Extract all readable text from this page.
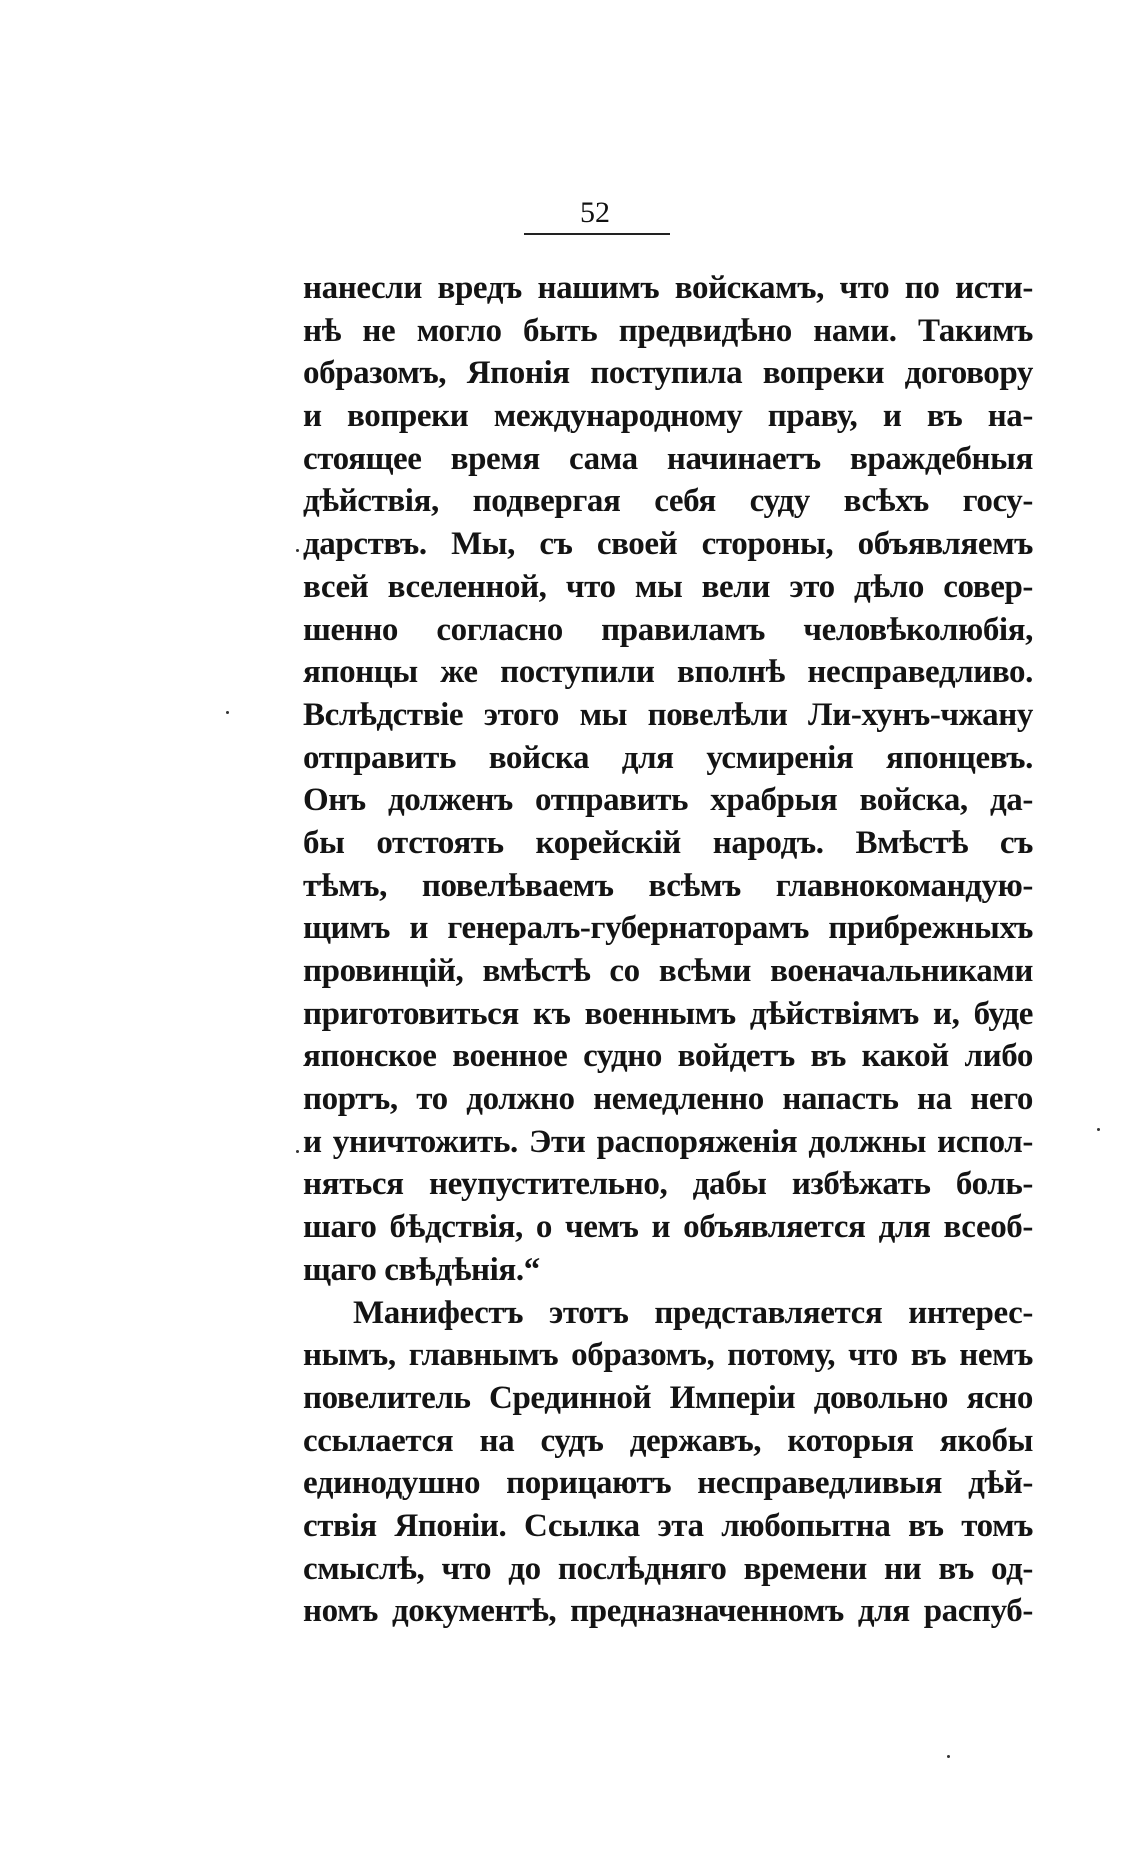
52
нанесли вредъ нашимъ войскамъ, что по исти-
нѣ не могло быть предвидѣно нами. Такимъ
образомъ, Японія поступила вопреки договору
и вопреки международному праву, и въ на-
стоящее время сама начинаетъ враждебныя
дѣйствія, подвергая себя суду всѣхъ госу-
дарствъ. Мы, съ своей стороны, объявляемъ
всей вселенной, что мы вели это дѣло совер-
шенно согласно правиламъ человѣколюбія,
японцы же поступили вполнѣ несправедливо.
Вслѣдствіе этого мы повелѣли Ли-хунъ-чжану
отправить войска для усмиренія японцевъ.
Онъ долженъ отправить храбрыя войска, да-
бы отстоять корейскій народъ. Вмѣстѣ съ
тѣмъ, повелѣваемъ всѣмъ главнокомандую-
щимъ и генералъ-губернаторамъ прибрежныхъ
провинцій, вмѣстѣ со всѣми военачальниками
приготовиться къ военнымъ дѣйствіямъ и, буде
японское военное судно войдетъ въ какой либо
портъ, то должно немедленно напасть на него
и уничтожить. Эти распоряженія должны испол-
няться неупустительно, дабы избѣжать боль-
шаго бѣдствія, о чемъ и объявляется для всеоб-
щаго свѣдѣнія.“
Манифестъ этотъ представляется интерес-
нымъ, главнымъ образомъ, потому, что въ немъ
повелитель Срединной Имперіи довольно ясно
ссылается на судъ державъ, которыя якобы
единодушно порицаютъ несправедливыя дѣй-
ствія Японіи. Ссылка эта любопытна въ томъ
смыслѣ, что до послѣдняго времени ни въ од-
номъ документѣ, предназначенномъ для распуб-
